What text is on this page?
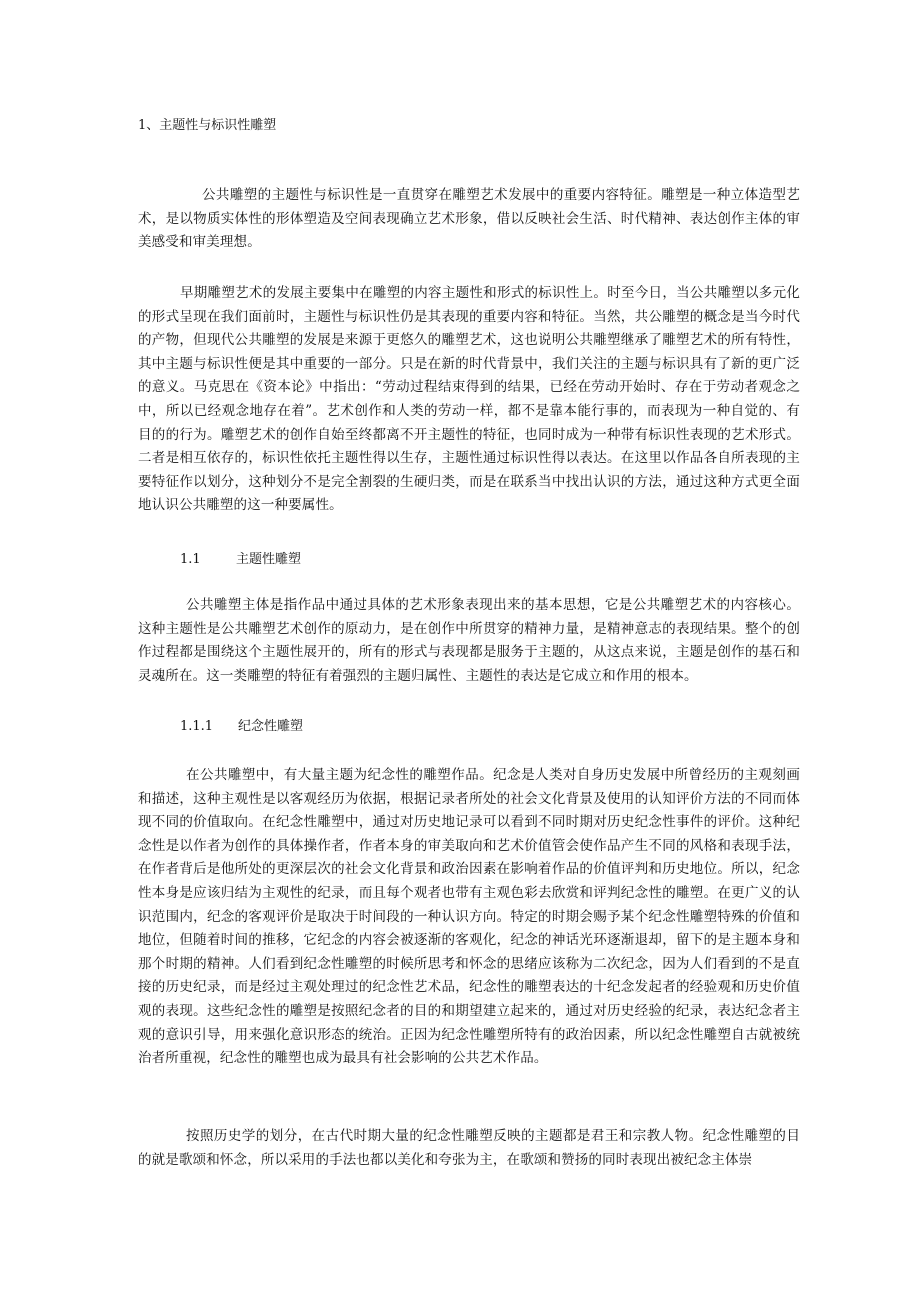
1、主题性与标识性雕塑
公共雕塑的主题性与标识性是一直贯穿在雕塑艺术发展中的重要内容特征。雕塑是一种立体造型艺术，是以物质实体性的形体塑造及空间表现确立艺术形象，借以反映社会生活、时代精神、表达创作主体的审美感受和审美理想。
早期雕塑艺术的发展主要集中在雕塑的内容主题性和形式的标识性上。时至今日，当公共雕塑以多元化的形式呈现在我们面前时，主题性与标识性仍是其表现的重要内容和特征。当然，共公雕塑的概念是当今时代的产物，但现代公共雕塑的发展是来源于更悠久的雕塑艺术，这也说明公共雕塑继承了雕塑艺术的所有特性，其中主题与标识性便是其中重要的一部分。只是在新的时代背景中，我们关注的主题与标识具有了新的更广泛的意义。马克思在《资本论》中指出：“劳动过程结束得到的结果，已经在劳动开始时、存在于劳动者观念之中，所以已经观念地存在着”。艺术创作和人类的劳动一样，都不是靠本能行事的，而表现为一种自觉的、有目的的行为。雕塑艺术的创作自始至终都离不开主题性的特征，也同时成为一种带有标识性表现的艺术形式。二者是相互依存的，标识性依托主题性得以生存，主题性通过标识性得以表达。在这里以作品各自所表现的主要特征作以划分，这种划分不是完全割裂的生硬归类，而是在联系当中找出认识的方法，通过这种方式更全面地认识公共雕塑的这一种要属性。
1.1	主题性雕塑
公共雕塑主体是指作品中通过具体的艺术形象表现出来的基本思想，它是公共雕塑艺术的内容核心。这种主题性是公共雕塑艺术创作的原动力，是在创作中所贯穿的精神力量，是精神意志的表现结果。整个的创作过程都是围绕这个主题性展开的，所有的形式与表现都是服务于主题的，从这点来说，主题是创作的基石和灵魂所在。这一类雕塑的特征有着强烈的主题归属性、主题性的表达是它成立和作用的根本。
1.1.1 纪念性雕塑
在公共雕塑中，有大量主题为纪念性的雕塑作品。纪念是人类对自身历史发展中所曾经历的主观刻画和描述，这种主观性是以客观经历为依据，根据记录者所处的社会文化背景及使用的认知评价方法的不同而体现不同的价值取向。在纪念性雕塑中，通过对历史地记录可以看到不同时期对历史纪念性事件的评价。这种纪念性是以作者为创作的具体操作者，作者本身的审美取向和艺术价值管会使作品产生不同的风格和表现手法，在作者背后是他所处的更深层次的社会文化背景和政治因素在影响着作品的价值评判和历史地位。所以，纪念性本身是应该归结为主观性的纪录，而且每个观者也带有主观色彩去欣赏和评判纪念性的雕塑。在更广义的认识范围内，纪念的客观评价是取决于时间段的一种认识方向。特定的时期会赐予某个纪念性雕塑特殊的价值和地位，但随着时间的推移，它纪念的内容会被逐渐的客观化，纪念的神话光环逐渐退却，留下的是主题本身和那个时期的精神。人们看到纪念性雕塑的时候所思考和怀念的思绪应该称为二次纪念，因为人们看到的不是直接的历史纪录，而是经过主观处理过的纪念性艺术品，纪念性的雕塑表达的十纪念发起者的经验观和历史价值观的表现。这些纪念性的雕塑是按照纪念者的目的和期望建立起来的，通过对历史经验的纪录，表达纪念者主观的意识引导，用来强化意识形态的统治。正因为纪念性雕塑所特有的政治因素，所以纪念性雕塑自古就被统治者所重视，纪念性的雕塑也成为最具有社会影响的公共艺术作品。
按照历史学的划分，在古代时期大量的纪念性雕塑反映的主题都是君王和宗教人物。纪念性雕塑的目的就是歌颂和怀念，所以采用的手法也都以美化和夸张为主，在歌颂和赞扬的同时表现出被纪念主体崇
